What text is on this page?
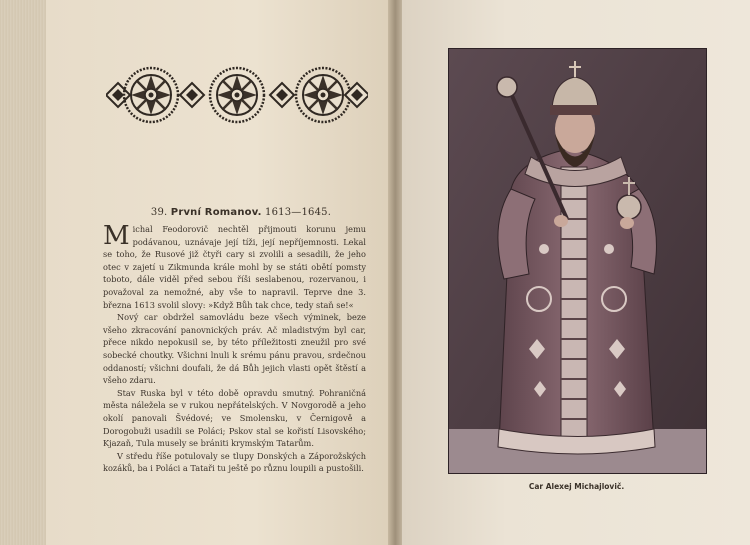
39. První Romanov. 1613—1645.

Michal Feodorovič nechtěl přijmouti korunu jemu podávanou, uznávaje její tíži, její nepříjemnosti. Lekal se toho, že Rusové již čtyři cary si zvolili a sesadili, že jeho otec v zajetí u Zikmunda krále mohl by se státi obětí pomsty toboto, dále viděl před sebou říši seslabenou, rozervanou, i považoval za nemožné, aby vše to napravil. Teprve dne 3. března 1613 svolil slovy: »Když Bůh tak chce, tedy staň se!«

Nový car obdržel samovládu beze všech výminek, beze všeho zkracování panovnických práv. Ač mladistvým byl car, přece nikdo nepokusil se, by této příležitosti zneužil pro své sobecké choutky. Všichni lnuli k srému pánu pravou, srdečnou oddaností; všichni doufali, že dá Bůh jejich vlasti opět štěstí a všeho zdaru.

Stav Ruska byl v této době opravdu smutný. Pohraničná města náležela se v rukou nepřátelských. V Novgorodě a jeho okolí panovali Švédové; ve Smolensku, v Černigově a Dorogobuži usadili se Poláci; Pskov stal se kořistí Lisovského; Kjazaň, Tula musely se brániti krymským Tatarům.

V středu říše potulovaly se tlupy Donských a Záporožských kozáků, ba i Poláci a Tataři tu ještě po různu loupili a pustošili.

Car Alexej Michajlovič.
